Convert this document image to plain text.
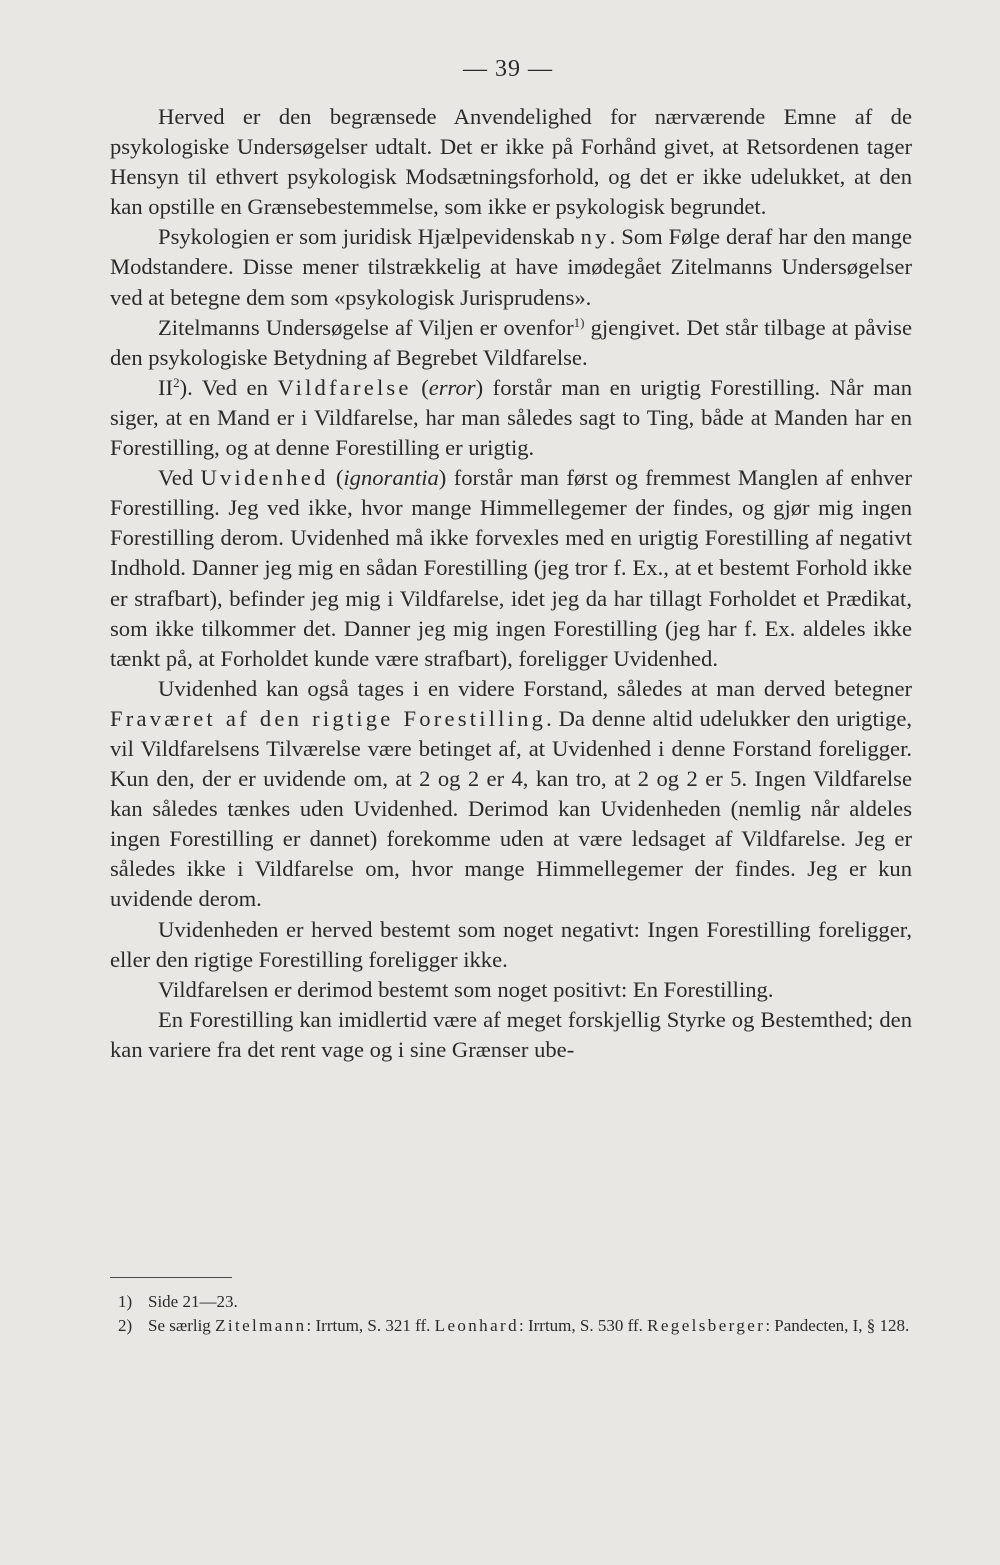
— 39 —

Herved er den begrænsede Anvendelighed for nærværende Emne af de psykologiske Undersøgelser udtalt. Det er ikke på Forhånd givet, at Retsordenen tager Hensyn til ethvert psykologisk Modsætningsforhold, og det er ikke udelukket, at den kan opstille en Grænsebestemmelse, som ikke er psykologisk begrundet.

Psykologien er som juridisk Hjælpevidenskab ny. Som Følge deraf har den mange Modstandere. Disse mener tilstrækkelig at have imødegået Zitelmanns Undersøgelser ved at betegne dem som «psykologisk Jurisprudens».

Zitelmanns Undersøgelse af Viljen er ovenfor$^{1)}$ gjengivet. Det står tilbage at påvise den psykologiske Betydning af Begrebet Vildfarelse.

$II^2$). Ved en Vildfarelse (error) forstår man en urigtig Forestilling. Når man siger, at en Mand er i Vildfarelse, har man således sagt to Ting, både at Manden har en Forestilling, og at denne Forestilling er urigtig.

Ved Uvidenhed (ignorantia) forstår man først og fremmest Manglen af enhver Forestilling. Jeg ved ikke, hvor mange Himmellegemer der findes, og gjør mig ingen Forestilling derom. Uvidenhed må ikke forvexles med en urigtig Forestilling af negativt Indhold. Danner jeg mig en sådan Forestilling (jeg tror f. Ex., at et bestemt Forhold ikke er strafbart), befinder jeg mig i Vildfarelse, idet jeg da har tillagt Forholdet et Prædikat, som ikke tilkommer det. Danner jeg mig ingen Forestilling (jeg har f. Ex. aldeles ikke tænkt på, at Forholdet kunde være strafbart), foreligger Uvidenhed.

Uvidenhed kan også tages i en videre Forstand, således at man derved betegner Fraværet af den rigtige Forestilling. Da denne altid udelukker den urigtige, vil Vildfarelsens Tilværelse være betinget af, at Uvidenhed i denne Forstand foreligger. Kun den, der er uvidende om, at 2 og 2 er 4, kan tro, at 2 og 2 er 5. Ingen Vildfarelse kan således tænkes uden Uvidenhed. Derimod kan Uvidenheden (nemlig når aldeles ingen Forestilling er dannet) forekomme uden at være ledsaget af Vildfarelse. Jeg er således ikke i Vildfarelse om, hvor mange Himmellegemer der findes. Jeg er kun uvidende derom.

Uvidenheden er herved bestemt som noget negativt: Ingen Forestilling foreligger, eller den rigtige Forestilling foreligger ikke.

Vildfarelsen er derimod bestemt som noget positivt: En Forestilling.

En Forestilling kan imidlertid være af meget forskjellig Styrke og Bestemthed; den kan variere fra det rent vage og i sine Grænser ube-

1) Side 21—23.

2) Se særlig Zitelmann: Irrtum, S. 321 ff. Leonhard: Irrtum, S. 530 ff. Regelsberger: Pandecten, I, § 128.
